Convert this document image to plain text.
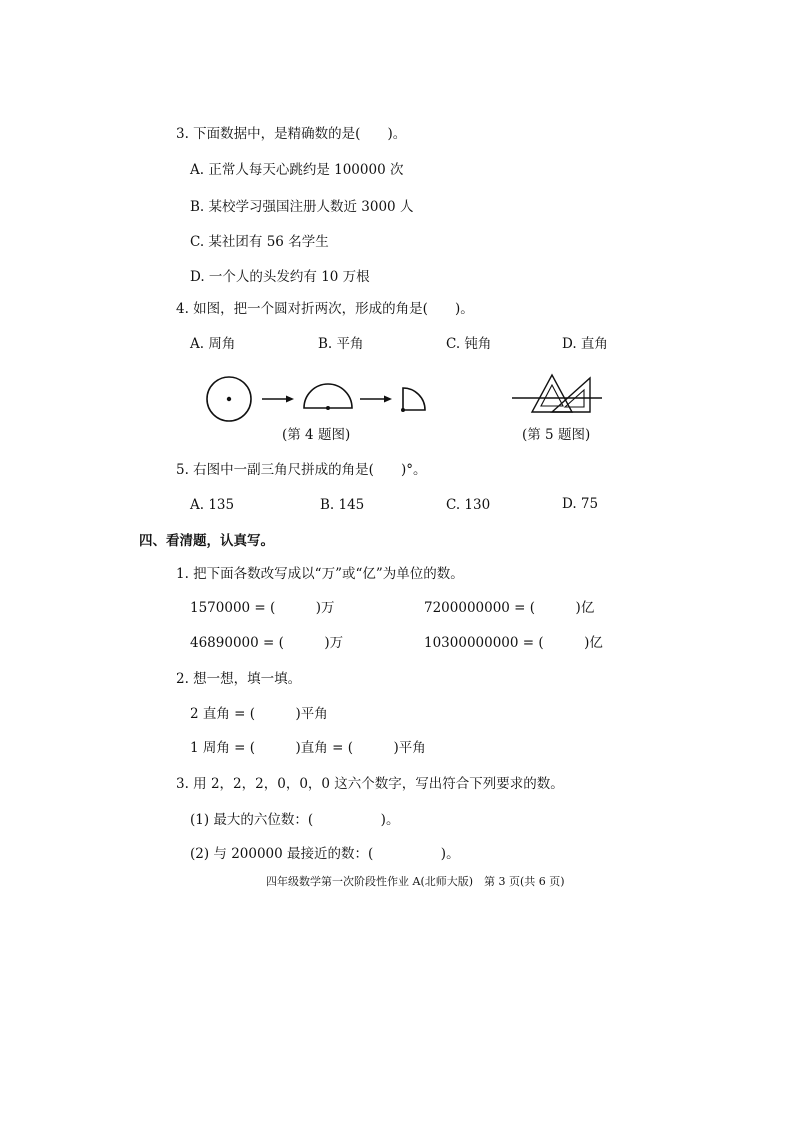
3. 下面数据中，是精确数的是(　　)。
A. 正常人每天心跳约是 100000 次
B. 某校学习强国注册人数近 3000 人
C. 某社团有 56 名学生
D. 一个人的头发约有 10 万根
4. 如图，把一个圆对折两次，形成的角是(　　)。
A. 周角	B. 平角	C. 钝角	D. 直角
(第 4 题图)	(第 5 题图)
5. 右图中一副三角尺拼成的角是(　　)°。
A. 135	B. 145	C. 130	D. 75
四、看清题，认真写。
1. 把下面各数改写成以“万”或“亿”为单位的数。
1570000 = (　　　)万	7200000000 = (　　　)亿
46890000 = (　　　)万	10300000000 = (　　　)亿
2. 想一想，填一填。
2 直角 = (　　　)平角
1 周角 = (　　　)直角 = (　　　)平角
3. 用 2，2，2，0，0，0 这六个数字，写出符合下列要求的数。
(1) 最大的六位数：(　　　　　)。
(2) 与 200000 最接近的数：(　　　　　)。
四年级数学第一次阶段性作业 A(北师大版)　第 3 页(共 6 页)
